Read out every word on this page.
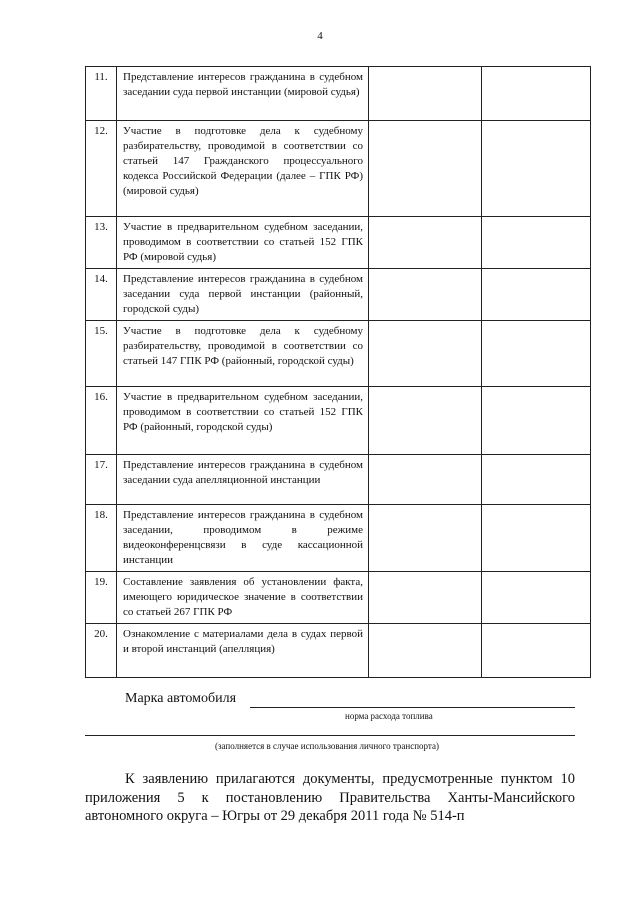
4
11.	Представление интересов гражданина в судебном заседании суда первой инстанции (мировой судья)		
12.	Участие в подготовке дела к судебному разбирательству, проводимой в соответствии со статьей 147 Гражданского процессуального кодекса Российской Федерации (далее – ГПК РФ) (мировой судья)		
13.	Участие в предварительном судебном заседании, проводимом в соответствии со статьей 152 ГПК РФ (мировой судья)		
14.	Представление интересов гражданина в судебном заседании суда первой инстанции (районный, городской суды)		
15.	Участие в подготовке дела к судебному разбирательству, проводимой в соответствии со статьей 147 ГПК РФ (районный, городской суды)		
16.	Участие в предварительном судебном заседании, проводимом в соответствии со статьей 152 ГПК РФ (районный, городской суды)		
17.	Представление интересов гражданина в судебном заседании суда апелляционной инстанции		
18.	Представление интересов гражданина в судебном заседании, проводимом в режиме видеоконференцсвязи в суде кассационной инстанции		
19.	Составление заявления об установлении факта, имеющего юридическое значение в соответствии со статьей 267 ГПК РФ		
20.	Ознакомление с материалами дела в судах первой и второй инстанций (апелляция)		
Марка автомобиля
норма расхода топлива
(заполняется в случае использования личного транспорта)
К заявлению прилагаются документы, предусмотренные пунктом 10 приложения 5 к постановлению Правительства Ханты-Мансийского автономного округа – Югры от 29 декабря 2011 года № 514-п
